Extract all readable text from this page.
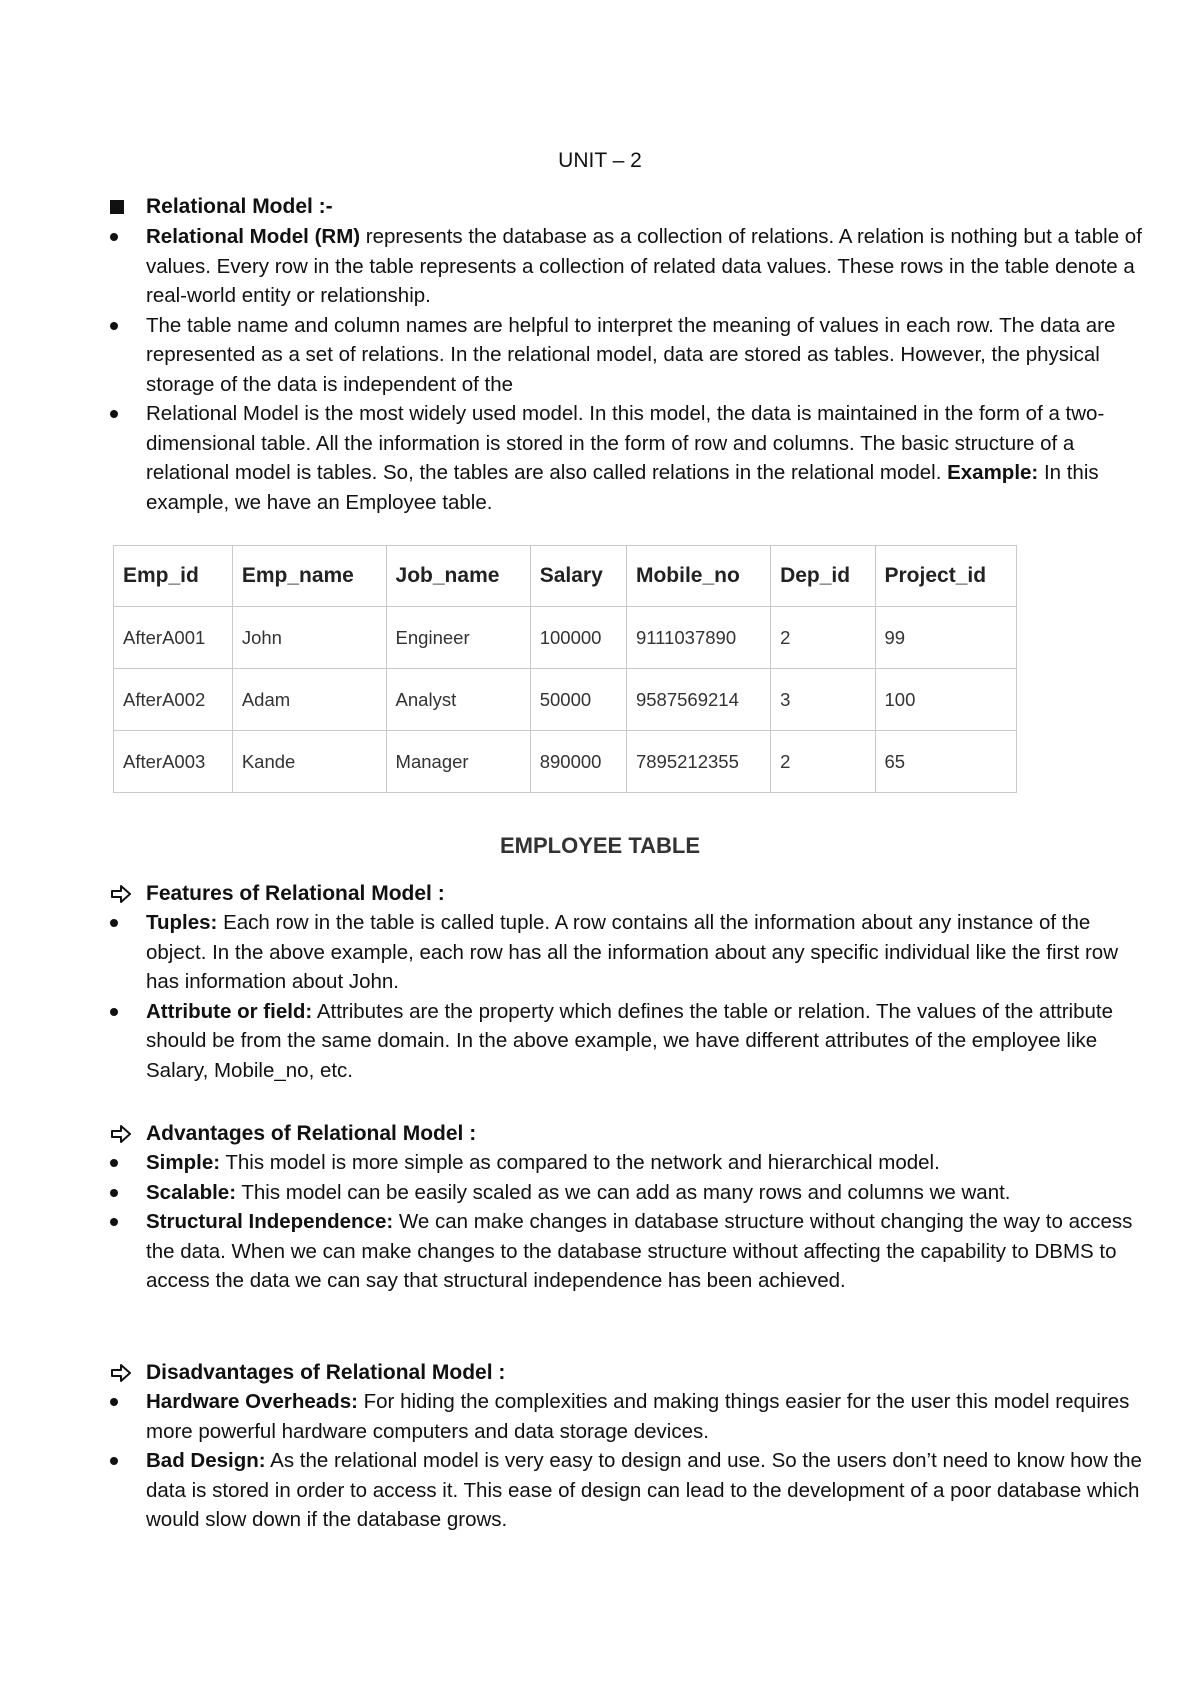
UNIT – 2
Relational Model :-
Relational Model (RM) represents the database as a collection of relations. A relation is nothing but a table of values. Every row in the table represents a collection of related data values. These rows in the table denote a real-world entity or relationship.
The table name and column names are helpful to interpret the meaning of values in each row. The data are represented as a set of relations. In the relational model, data are stored as tables. However, the physical storage of the data is independent of the
Relational Model is the most widely used model. In this model, the data is maintained in the form of a two-dimensional table. All the information is stored in the form of row and columns. The basic structure of a relational model is tables. So, the tables are also called relations in the relational model. Example: In this example, we have an Employee table.
Emp_id	Emp_name	Job_name	Salary	Mobile_no	Dep_id	Project_id
AfterA001	John	Engineer	100000	9111037890	2	99
AfterA002	Adam	Analyst	50000	9587569214	3	100
AfterA003	Kande	Manager	890000	7895212355	2	65
EMPLOYEE TABLE
Features of Relational Model :
Tuples: Each row in the table is called tuple. A row contains all the information about any instance of the object. In the above example, each row has all the information about any specific individual like the first row has information about John.
Attribute or field: Attributes are the property which defines the table or relation. The values of the attribute should be from the same domain. In the above example, we have different attributes of the employee like Salary, Mobile_no, etc.
Advantages of Relational Model :
Simple: This model is more simple as compared to the network and hierarchical model.
Scalable: This model can be easily scaled as we can add as many rows and columns we want.
Structural Independence: We can make changes in database structure without changing the way to access the data. When we can make changes to the database structure without affecting the capability to DBMS to access the data we can say that structural independence has been achieved.
Disadvantages of Relational Model :
Hardware Overheads: For hiding the complexities and making things easier for the user this model requires more powerful hardware computers and data storage devices.
Bad Design: As the relational model is very easy to design and use. So the users don’t need to know how the data is stored in order to access it. This ease of design can lead to the development of a poor database which would slow down if the database grows.
